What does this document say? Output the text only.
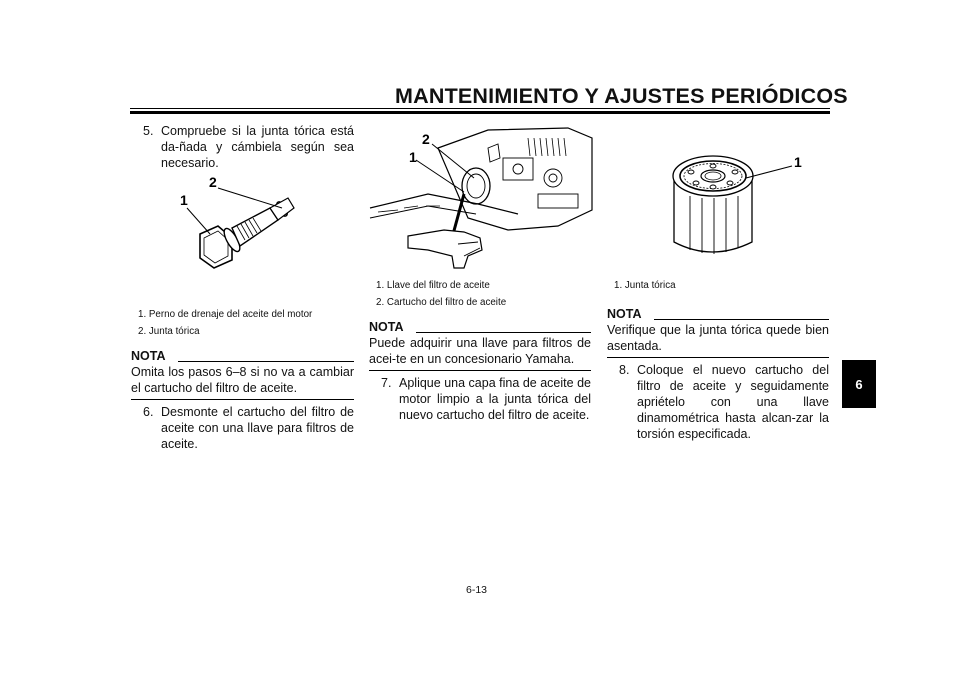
MANTENIMIENTO Y AJUSTES PERIÓDICOS
6
5. Compruebe si la junta tórica está da-ñada y cámbiela según sea necesario.
1
2
1. Perno de drenaje del aceite del motor
2. Junta tórica
NOTA
Omita los pasos 6–8 si no va a cambiar el cartucho del filtro de aceite.
6. Desmonte el cartucho del filtro de aceite con una llave para filtros de aceite.
1
2
1. Llave del filtro de aceite
2. Cartucho del filtro de aceite
NOTA
Puede adquirir una llave para filtros de acei-te en un concesionario Yamaha.
7. Aplique una capa fina de aceite de motor limpio a la junta tórica del nuevo cartucho del filtro de aceite.
1
1. Junta tórica
NOTA
Verifique que la junta tórica quede bien asentada.
8. Coloque el nuevo cartucho del filtro de aceite y seguidamente apriételo con una llave dinamométrica hasta alcan-zar la torsión especificada.
6-13
